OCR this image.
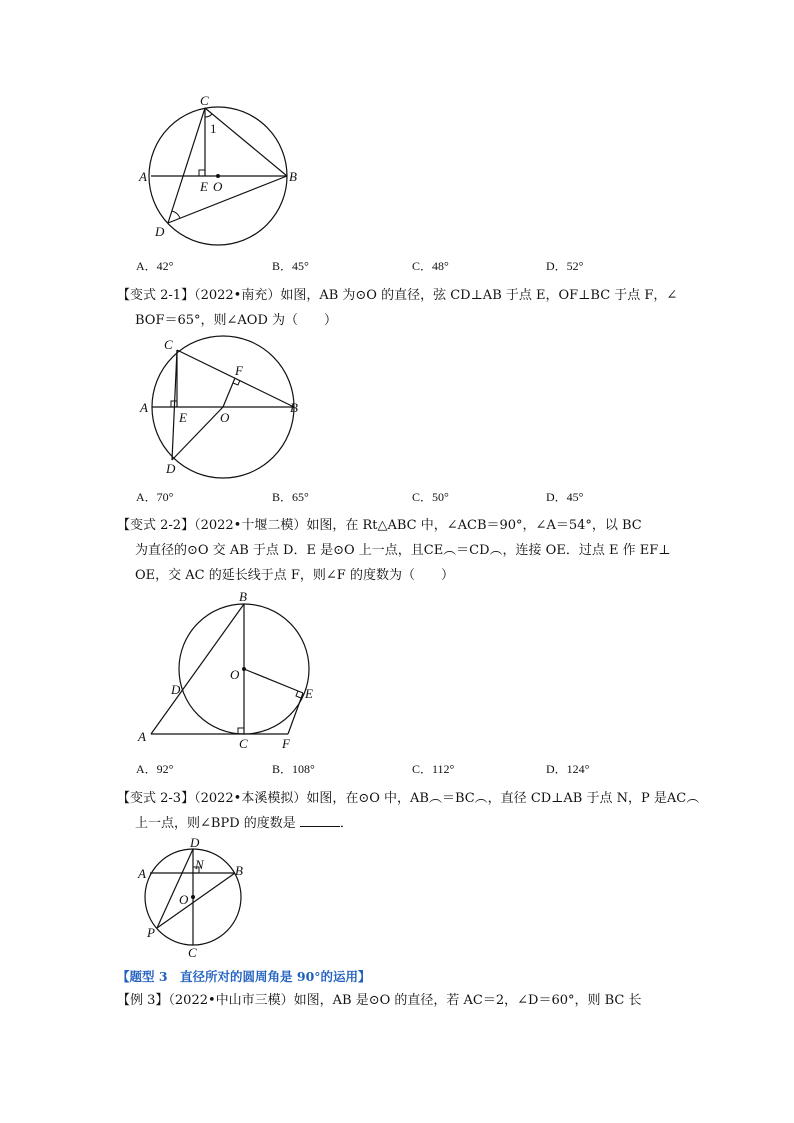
C
1
A
E O
B
D
A．42°	B．45°	C．48°	D．52°
【变式 2-1】（2022•南充）如图，AB 为⊙O 的直径，弦 CD⊥AB 于点 E，OF⊥BC 于点 F，∠
BOF＝65°，则∠AOD 为（　　）
C
F
A
E	O
B
D
A．70°	B．65°	C．50°	D．45°
【变式 2-2】（2022•十堰二模）如图，在 Rt△ABC 中，∠ACB＝90°，∠A＝54°，以 BC
为直径的⊙O 交 AB 于点 D．E 是⊙O 上一点，且CE︵＝CD︵，连接 OE．过点 E 作 EF⊥
OE，交 AC 的延长线于点 F，则∠F 的度数为（　　）
B
O
D	E
A	C	F
A．92°	B．108°	C．112°	D．124°
【变式 2-3】（2022•本溪模拟）如图，在⊙O 中，AB︵＝BC︵，直径 CD⊥AB 于点 N，P 是AC︵
上一点，则∠BPD 的度数是	．
D
N
A	B
O
P
C
【题型 3　直径所对的圆周角是 90°的运用】
【例 3】（2022•中山市三模）如图，AB 是⊙O 的直径，若 AC＝2，∠D＝60°，则 BC 长
